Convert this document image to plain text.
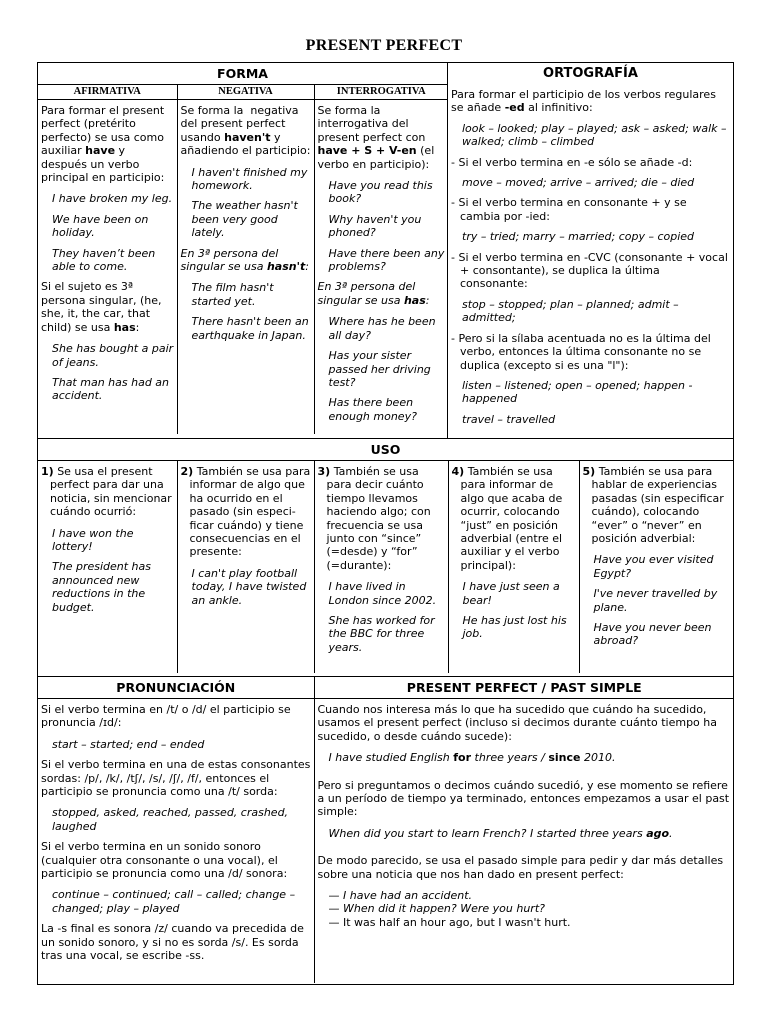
PRESENT PERFECT
FORMA
AFIRMATIVA

Para formar el present perfect (pretérito perfecto) se usa como auxiliar have y después un verbo principal en participio:

I have broken my leg.
We have been on holiday.
They haven’t been able to come.

Si el sujeto es 3ª persona singular, (he, she, it, the car, that child) se usa has:

She has bought a pair of jeans.
That man has had an accident.

NEGATIVA

Se forma la  negativa del present perfect usando haven't y añadiendo el participio:

I haven't finished my homework.
The weather hasn't been very good lately.

En 3ª persona del singular se usa hasn't:

The film hasn't started yet.
There hasn't been an earthquake in Japan.

INTERROGATIVA

Se forma la interrogativa del present perfect con have + S + V-en (el verbo en participio):

Have you read this book?
Why haven't you phoned?
Have there been any problems?

En 3ª persona del singular se usa has:

Where has he been all day?
Has your sister passed her driving test?
Has there been enough money?

ORTOGRAFÍA

Para formar el participio de los verbos regulares se añade -ed al infinitivo:

look – looked; play – played; ask – asked; walk – walked; climb – climbed

- Si el verbo termina en -e sólo se añade -d:

move – moved; arrive – arrived; die – died

- Si el verbo termina en consonante + y se cambia por -ied:

try – tried; marry – married; copy – copied

- Si el verbo termina en -CVC (consonante + vocal + consontante), se duplica la última consonante:

stop – stopped; plan – planned; admit – admitted;

- Pero si la sílaba acentuada no es la última del verbo, entonces la última consonante no se duplica (excepto si es una "l"):

listen – listened; open – opened; happen - happened
travel – travelled

USO

1) Se usa el present perfect para dar una noticia, sin mencionar cuándo ocurrió:

I have won the lottery!
The president has announced new reductions in the budget.

2) También se usa para informar de algo que ha ocurrido en el pasado (sin especi-ficar cuándo) y tiene consecuencias en el presente:

I can't play football today, I have twisted an ankle.

3) También se usa para decir cuánto tiempo llevamos haciendo algo; con frecuencia se usa junto con “since” (=desde) y “for” (=durante):

I have lived in London since 2002.
She has worked for the BBC for three years.

4) También se usa para informar de algo que acaba de ocurrir, colocando “just” en posición adverbial (entre el auxiliar y el verbo principal):

I have just seen a bear!
He has just lost his job.

5) También se usa para hablar de experiencias pasadas (sin especificar cuándo), colocando “ever” o “never” en posición adverbial:

Have you ever visited Egypt?
I've never travelled by plane.
Have you never been abroad?

PRONUNCIACIÓN

Si el verbo termina en /t/ o /d/ el participio se pronuncia /ɪd/:

start – started; end – ended

Si el verbo termina en una de estas consonantes sordas: /p/, /k/, /tʃ/, /s/, /ʃ/, /f/, entonces el participio se pronuncia como una /t/ sorda:

stopped, asked, reached, passed, crashed, laughed

Si el verbo termina en un sonido sonoro (cualquier otra consonante o una vocal), el participio se pronuncia como una /d/ sonora:

continue – continued; call – called; change – changed; play – played

La -s final es sonora /z/ cuando va precedida de un sonido sonoro, y si no es sorda /s/. Es sorda tras una vocal, se escribe -ss.

PRESENT PERFECT / PAST SIMPLE

Cuando nos interesa más lo que ha sucedido que cuándo ha sucedido, usamos el present perfect (incluso si decimos durante cuánto tiempo ha sucedido, o desde cuándo sucede):

I have studied English for three years / since 2010.

Pero si preguntamos o decimos cuándo sucedió, y ese momento se refiere a un período de tiempo ya terminado, entonces empezamos a usar el past simple:

When did you start to learn French? I started three years ago.

De modo parecido, se usa el pasado simple para pedir y dar más detalles sobre una noticia que nos han dado en present perfect:

— I have had an accident.
— When did it happen? Were you hurt?
— It was half an hour ago, but I wasn't hurt.
